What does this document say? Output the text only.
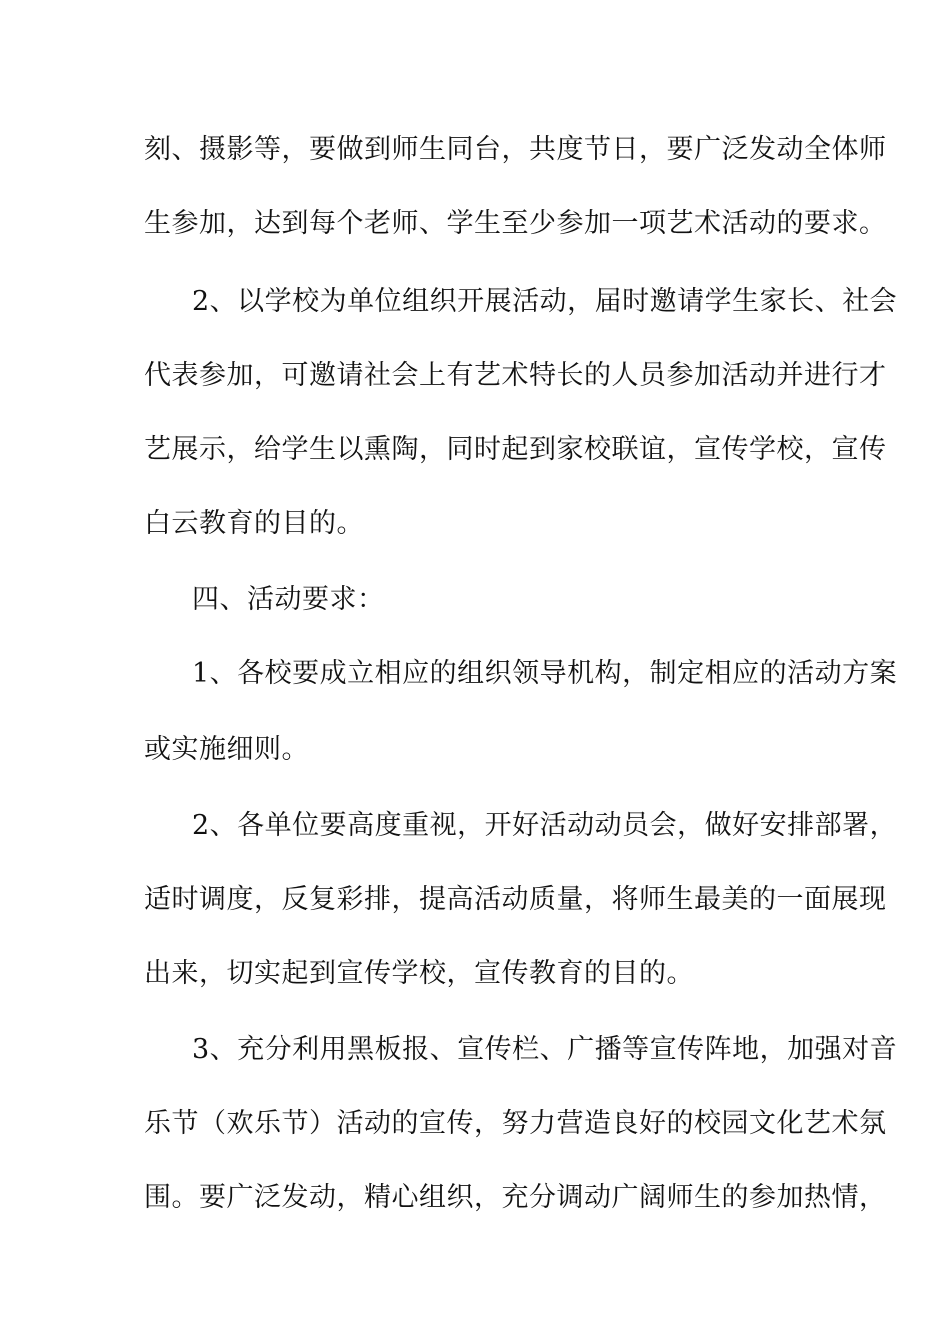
刻、摄影等，要做到师生同台，共度节日，要广泛发动全体师
生参加，达到每个老师、学生至少参加一项艺术活动的要求。
2、以学校为单位组织开展活动，届时邀请学生家长、社会
代表参加，可邀请社会上有艺术特长的人员参加活动并进行才
艺展示，给学生以熏陶，同时起到家校联谊，宣传学校，宣传
白云教育的目的。
四、活动要求：
1、各校要成立相应的组织领导机构，制定相应的活动方案
或实施细则。
2、各单位要高度重视，开好活动动员会，做好安排部署，
适时调度，反复彩排，提高活动质量，将师生最美的一面展现
出来，切实起到宣传学校，宣传教育的目的。
3、充分利用黑板报、宣传栏、广播等宣传阵地，加强对音
乐节（欢乐节）活动的宣传，努力营造良好的校园文化艺术氛
围。要广泛发动，精心组织，充分调动广阔师生的参加热情，
